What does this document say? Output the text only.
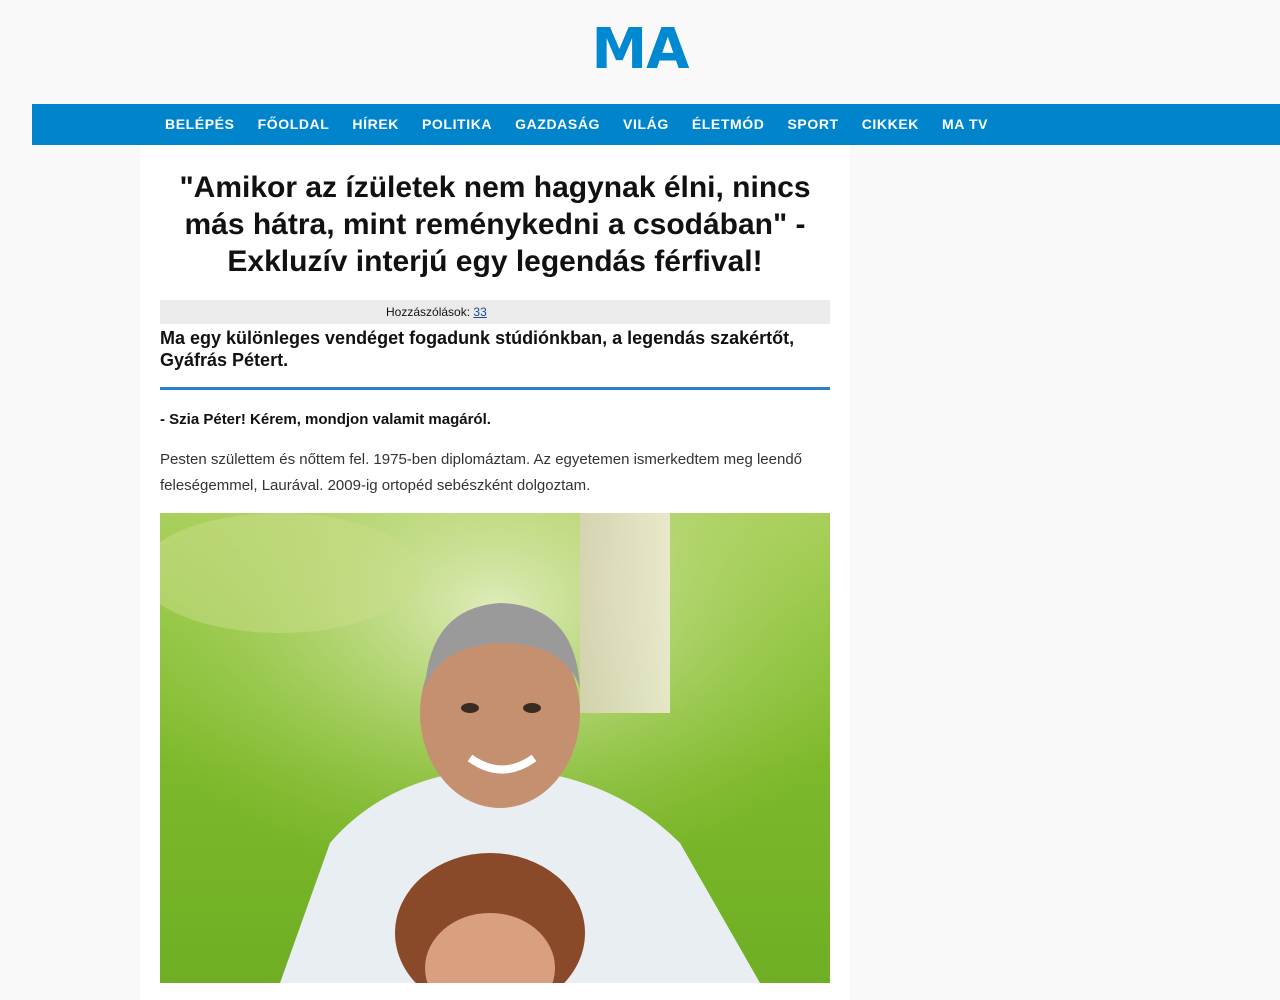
MA
BELÉPÉS FŐOLDAL HÍREK POLITIKA GAZDASÁG VILÁG ÉLETMÓD SPORT CIKKEK MA TV
"Amikor az ízületek nem hagynak élni, nincs más hátra, mint reménykedni a csodában" - Exkluzív interjú egy legendás férfival!
Hozzászólások: 33

Ma egy különleges vendéget fogadunk stúdiónkban, a legendás szakértőt, Gyáfrás Pétert.

- Szia Péter! Kérem, mondjon valamit magáról.

Pesten születtem és nőttem fel. 1975-ben diplomáztam. Az egyetemen ismerkedtem meg leendő feleségemmel, Laurával. 2009-ig ortopéd sebészként dolgoztam.
